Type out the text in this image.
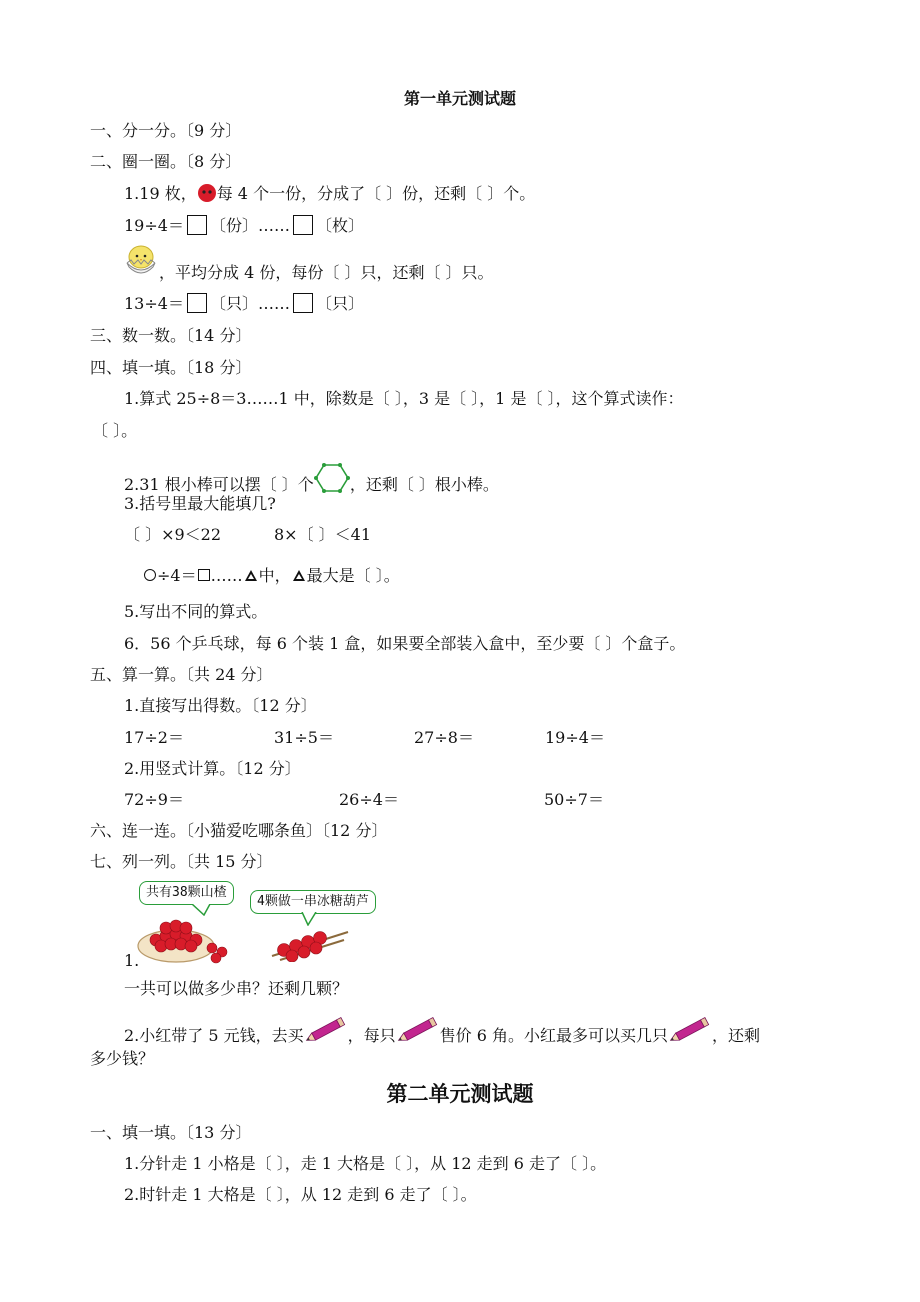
第一单元测试题
一、分一分。〔9 分〕
二、圈一圈。〔8 分〕
1.19 枚， 每 4 个一份，分成了〔 〕份，还剩〔 〕个。
19÷4＝ 〔份〕…… 〔枚〕
，平均分成 4 份，每份〔 〕只，还剩〔 〕只。
13÷4＝ 〔只〕…… 〔只〕
三、数一数。〔14 分〕
四、填一填。〔18 分〕
1.算式 25÷8＝3……1 中，除数是〔 〕，3 是〔 〕，1 是〔 〕，这个算式读作：
〔 〕。
2.31 根小棒可以摆〔 〕个 ，还剩〔 〕根小棒。
3.括号里最大能填几?
〔 〕×9＜22	8×〔 〕＜41
÷4＝ …… 中， 最大是〔 〕。
5.写出不同的算式。
6．56 个乒乓球，每 6 个装 1 盒，如果要全部装入盒中，至少要〔 〕个盒子。
五、算一算。〔共 24 分〕
1.直接写出得数。〔12 分〕
17÷2＝	31÷5＝	27÷8＝	19÷4＝
2.用竖式计算。〔12 分〕
72÷9＝	26÷4＝	50÷7＝
六、连一连。〔小猫爱吃哪条鱼〕〔12 分〕
七、列一列。〔共 15 分〕
共有38颗山楂
4颗做一串冰糖葫芦
1.
一共可以做多少串？还剩几颗？
2.小红带了 5 元钱，去买	，每只	售价 6 角。小红最多可以买几只	，还剩
多少钱？
第二单元测试题
一、填一填。〔13 分〕
1.分针走 1 小格是〔 〕，走 1 大格是〔 〕，从 12 走到 6 走了〔 〕。
2.时针走 1 大格是〔 〕，从 12 走到 6 走了〔 〕。
